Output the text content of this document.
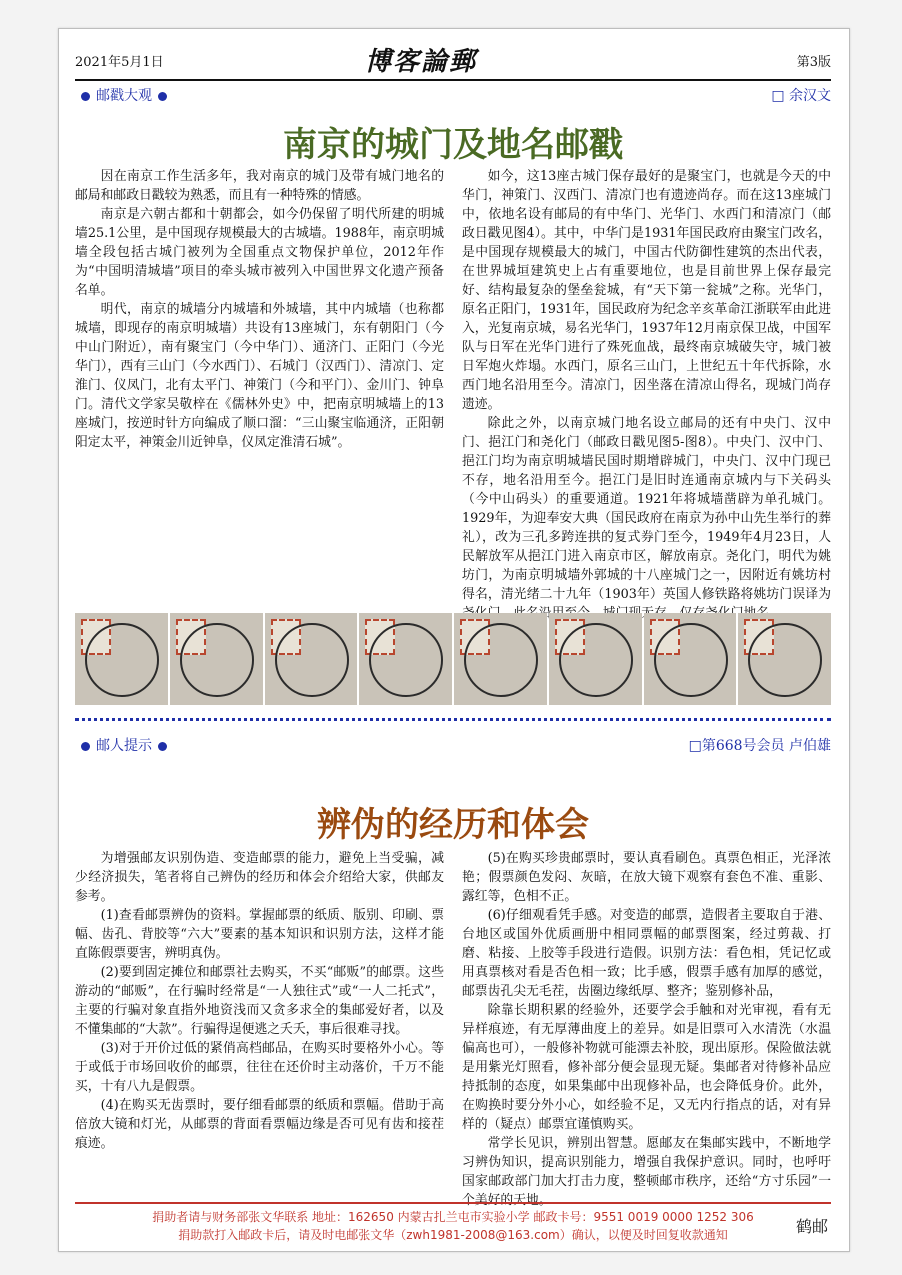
2021年5月1日	博客論郵	第3版
邮戳大观	□ 余汉文
南京的城门及地名邮戳

因在南京工作生活多年，我对南京的城门及带有城门地名的邮局和邮政日戳较为熟悉，而且有一种特殊的情感。

南京是六朝古都和十朝都会，如今仍保留了明代所建的明城墙25.1公里，是中国现存规模最大的古城墙。1988年，南京明城墙全段包括古城门被列为全国重点文物保护单位，2012年作为“中国明清城墙”项目的牵头城市被列入中国世界文化遗产预备名单。

明代，南京的城墙分内城墙和外城墙，其中内城墙（也称都城墙，即现存的南京明城墙）共设有13座城门，东有朝阳门（今中山门附近），南有聚宝门（今中华门）、通济门、正阳门（今光华门），西有三山门（今水西门）、石城门（汉西门）、清凉门、定淮门、仪凤门，北有太平门、神策门（今和平门）、金川门、钟阜门。清代文学家吴敬梓在《儒林外史》中，把南京明城墙上的13座城门，按逆时针方向编成了顺口溜：“三山聚宝临通济，正阳朝阳定太平，神策金川近钟阜，仪凤定淮清石城”。

如今，这13座古城门保存最好的是聚宝门，也就是今天的中华门，神策门、汉西门、清凉门也有遗迹尚存。而在这13座城门中，依地名设有邮局的有中华门、光华门、水西门和清凉门（邮政日戳见图4）。其中，中华门是1931年国民政府由聚宝门改名，是中国现存规模最大的城门，中国古代防御性建筑的杰出代表，在世界城垣建筑史上占有重要地位，也是目前世界上保存最完好、结构最复杂的堡垒瓮城，有“天下第一瓮城”之称。光华门，原名正阳门，1931年，国民政府为纪念辛亥革命江浙联军由此进入，光复南京城，易名光华门，1937年12月南京保卫战，中国军队与日军在光华门进行了殊死血战，最终南京城破失守，城门被日军炮火炸塌。水西门，原名三山门，上世纪五十年代拆除，水西门地名沿用至今。清凉门，因坐落在清凉山得名，现城门尚存遗迹。

除此之外，以南京城门地名设立邮局的还有中央门、汉中门、挹江门和尧化门（邮政日戳见图5-图8）。中央门、汉中门、挹江门均为南京明城墙民国时期增辟城门，中央门、汉中门现已不存，地名沿用至今。挹江门是旧时连通南京城内与下关码头（今中山码头）的重要通道。1921年将城墙凿辟为单孔城门。1929年，为迎奉安大典（国民政府在南京为孙中山先生举行的葬礼），改为三孔多跨连拱的复式券门至今，1949年4月23日，人民解放军从挹江门进入南京市区，解放南京。尧化门，明代为姚坊门，为南京明城墙外郭城的十八座城门之一，因附近有姚坊村得名，清光绪二十九年（1903年）英国人修铁路将姚坊门误译为 门

邮人提示	□第668号会员 卢伯雄
辨伪的经历和体会

为增强邮友识别伪造、变造邮票的能力，避免上当受骗，减少经济损失，笔者将自己辨伪的经历和体会介绍给大家，供邮友参考。

(1)查看邮票辨伪的资料。掌握邮票的纸质、版别、印刷、票幅、齿孔、背胶等“六大”要素的基本知识和识别方法，这样才能直陈假票要害，辨明真伪。

(2)要到固定摊位和邮票社去购买，不买“邮贩”的邮票。这些游动的“邮贩”，在行骗时经常是“一人独往式”或“一人二托式”，主要的行骗对象直指外地资浅而又贪多求全的集邮爱好者，以及不懂集邮的“大款”。行骗得逞便逃之夭夭，事后很难寻找。

(3)对于开价过低的紧俏高档邮品，在购买时要格外小心。等于或低于市场回收价的邮票，往往在还价时主动落价，千万不能买，十有八九是假票。

(4)在购买无齿票时，要仔细看邮票的纸质和票幅。借助于高倍放大镜和灯光，从邮票的背面看票幅边缘是否可见有齿和接茬痕迹。

(5)在购买珍贵邮票时，要认真看刷色。真票色相正，光泽浓艳；假票颜色发闷、灰暗，在放大镜下观察有套色不准、重影、露红等，色相不正。

(6)仔细观看凭手感。对变造的邮票，造假者主要取自于港、台地区或国外优质画册中相同票幅的邮票图案，经过剪裁、打磨、粘接、上胶等手段进行造假。识别方法：看色相，凭记忆或用真票核对看是否色相一致；比手感，假票手感有加厚的感觉，邮票齿孔尖无毛茬，齿圈边缘纸厚、整齐；鉴别修补品，

除靠长期积累的经验外，还要学会手触和对光审视，看有无异样痕迹，有无厚薄曲度上的差异。如是旧票可入水清洗（水温偏高也可），一般修补物就可能漂去补胶，现出原形。保险做法就是用紫光灯照看，修补部分便会显现无疑。集邮者对待修补品应持抵制的态度，如果集邮中出现修补品，也会降低身价。此外，在购换时要分外小心，如经验不足，又无内行指点的话，对有异样的（疑点）邮票宜谨慎购买。

常学长见识，辨别出智慧。愿邮友在集邮实践中，不断地学习辨伪知识，提高识别能力，增强自我保护意识。同时，也呼吁国家邮政部门加大打击力度，整顿邮市秩序，还给“方寸乐园”一个美好的天地。

捐助者请与财务部张文华联系 地址：162650 内蒙古扎兰屯市实验小学 邮政卡号：9551 0019 0000 1252 306
捐助款打入邮政卡后，请及时电邮张文华（zwh1981-2008@163.com）确认，以便及时回复收款通知	鹤邮
